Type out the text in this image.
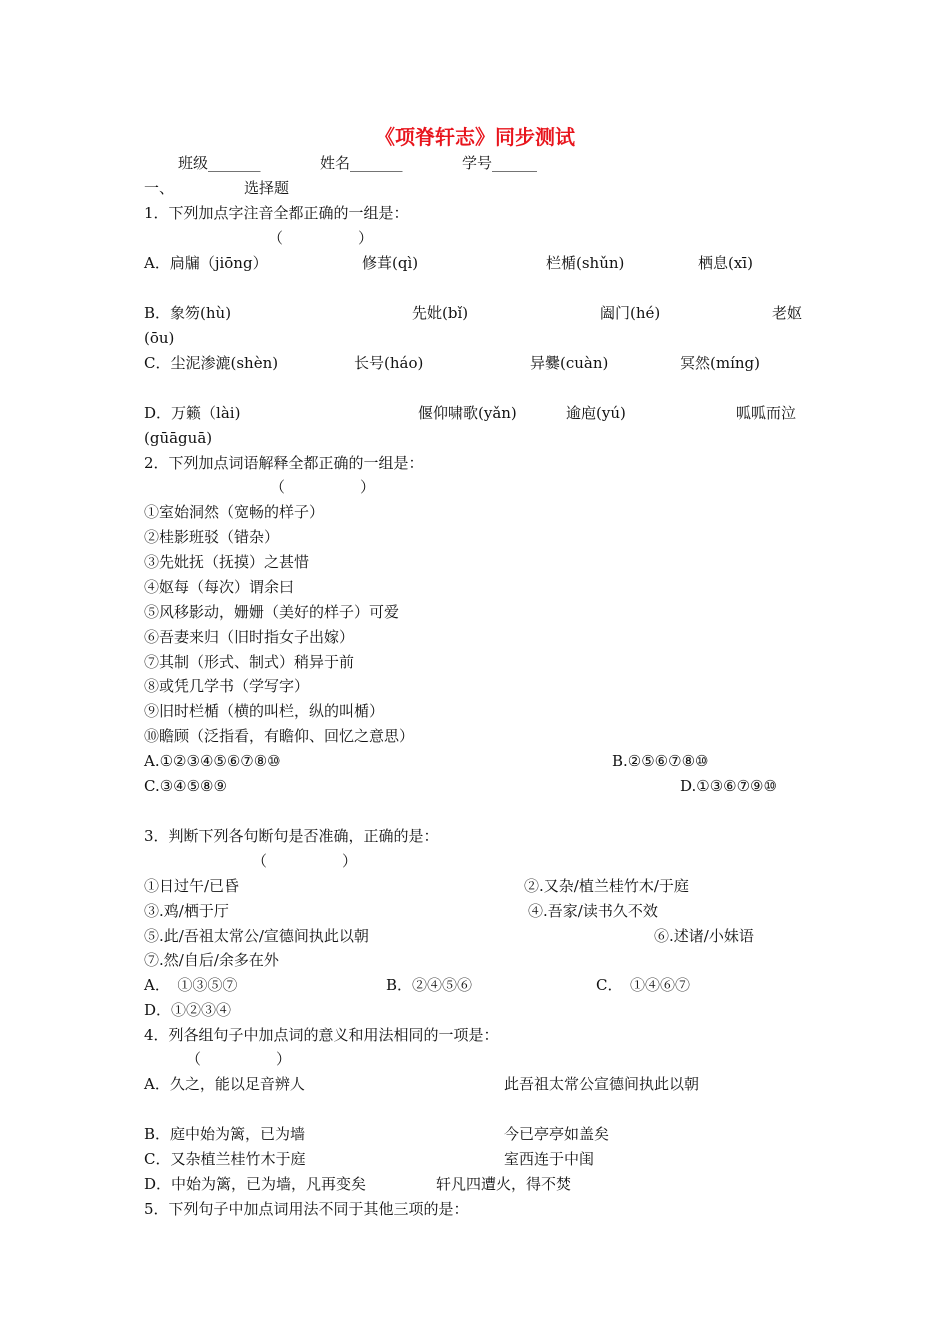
《项脊轩志》同步测试
班级_______	姓名_______	学号______
一、	选择题
1．下列加点字注音全都正确的一组是：
（　　　　　）
A．扃牖（jiōng）	修葺(qì)	栏楯(shǔn)	栖息(xī)
B．象笏(hù)	先妣(bǐ)	阖门(hé)	老妪
(ōu)
C．尘泥渗漉(shèn)	长号(háo)	异爨(cuàn)	冥然(míng)
D．万籁（lài)	偃仰啸歌(yǎn)	逾庖(yú)	呱呱而泣
(gūāguā)
2．下列加点词语解释全都正确的一组是：
（　　　　　）
①室始洞然（宽畅的样子）
②桂影班驳（错杂）
③先妣抚（抚摸）之甚惜
④妪每（每次）谓余曰
⑤风移影动，姗姗（美好的样子）可爱
⑥吾妻来归（旧时指女子出嫁）
⑦其制（形式、制式）稍异于前
⑧或凭几学书（学写字）
⑨旧时栏楯（横的叫栏，纵的叫楯）
⑩瞻顾（泛指看，有瞻仰、回忆之意思）
A.①②③④⑤⑥⑦⑧⑩	B.②⑤⑥⑦⑧⑩
C.③④⑤⑧⑨	D.①③⑥⑦⑨⑩
3．判断下列各句断句是否准确，正确的是：
（　　　　　）
①日过午/已昏	②.又杂/植兰桂竹木/于庭
③.鸡/栖于厅	④.吾家/读书久不效
⑤.此/吾祖太常公/宣德间执此以朝	⑥.述诸/小妹语
⑦.然/自后/余多在外
A．　①③⑤⑦	B．②④⑤⑥	C．　①④⑥⑦
D．①②③④
4．列各组句子中加点词的意义和用法相同的一项是：
（　　　　　）
A．久之，能以足音辨人	此吾祖太常公宣德间执此以朝
B．庭中始为篱，已为墙	今已亭亭如盖矣
C．又杂植兰桂竹木于庭	室西连于中闺
D．中始为篱，已为墙，凡再变矣	轩凡四遭火，得不焚
5．下列句子中加点词用法不同于其他三项的是：
